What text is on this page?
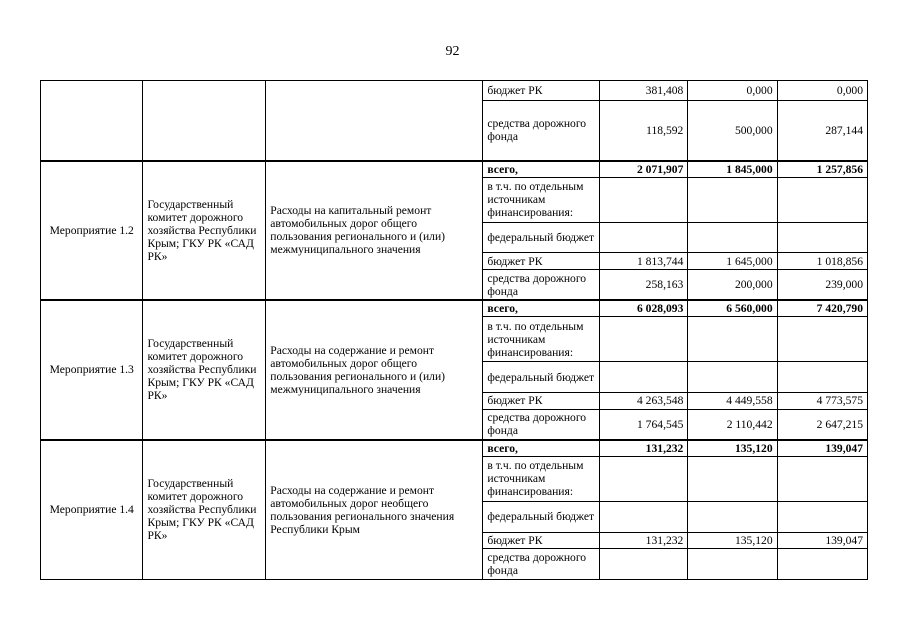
92
			бюджет РК	381,408	0,000	0,000
			средства дорожного фонда	118,592	500,000	287,144
Мероприятие 1.2	Государственный комитет дорожного хозяйства Республики Крым; ГКУ РК «САД РК»	Расходы на капитальный ремонт автомобильных дорог общего пользования регионального и (или) межмуниципального значения	всего,	2 071,907	1 845,000	1 257,856
			в т.ч. по отдельным источникам финансирования:			
			федеральный бюджет			
			бюджет РК	1 813,744	1 645,000	1 018,856
			средства дорожного фонда	258,163	200,000	239,000
Мероприятие 1.3	Государственный комитет дорожного хозяйства Республики Крым; ГКУ РК «САД РК»	Расходы на содержание и ремонт автомобильных дорог общего пользования регионального и (или) межмуниципального значения	всего,	6 028,093	6 560,000	7 420,790
			в т.ч. по отдельным источникам финансирования:			
			федеральный бюджет			
			бюджет РК	4 263,548	4 449,558	4 773,575
			средства дорожного фонда	1 764,545	2 110,442	2 647,215
Мероприятие 1.4	Государственный комитет дорожного хозяйства Республики Крым; ГКУ РК «САД РК»	Расходы на содержание и ремонт автомобильных дорог необщего пользования регионального значения Республики Крым	всего,	131,232	135,120	139,047
			в т.ч. по отдельным источникам финансирования:			
			федеральный бюджет			
			бюджет РК	131,232	135,120	139,047
			средства дорожного фонда			
